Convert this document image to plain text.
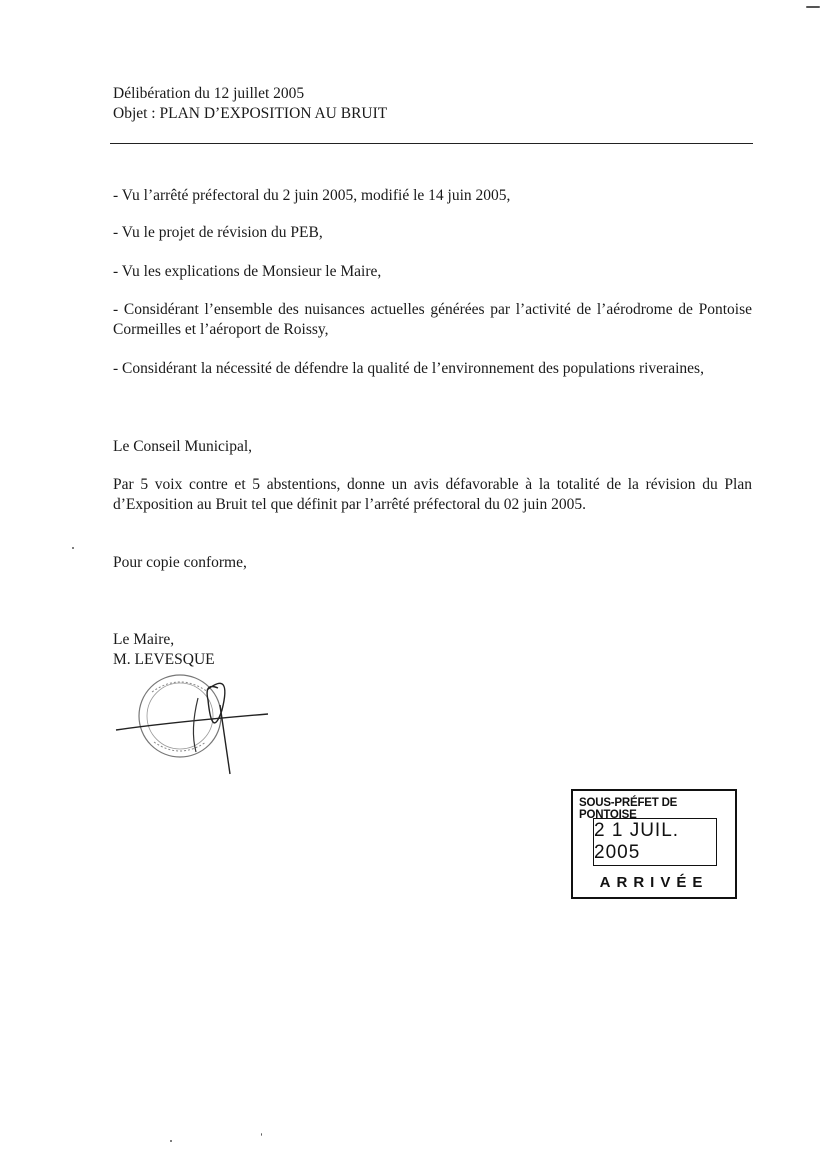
Délibération du 12 juillet 2005
Objet : PLAN D’EXPOSITION AU BRUIT
- Vu l’arrêté préfectoral du 2 juin 2005, modifié le 14 juin 2005,
- Vu le projet de révision du PEB,
- Vu les explications de Monsieur le Maire,
- Considérant l’ensemble des nuisances actuelles générées par l’activité de l’aérodrome de Pontoise Cormeilles et l’aéroport de Roissy,
- Considérant la nécessité de défendre la qualité de l’environnement des populations riveraines,
Le Conseil Municipal,
Par 5 voix contre et 5 abstentions, donne un avis défavorable à la totalité de la révision du Plan d’Exposition au Bruit tel que définit par l’arrêté préfectoral du 02 juin 2005.
Pour copie conforme,
Le Maire,
M. LEVESQUE
SOUS-PRÉFET DE PONTOISE
2 1 JUIL. 2005
ARRIVÉE
